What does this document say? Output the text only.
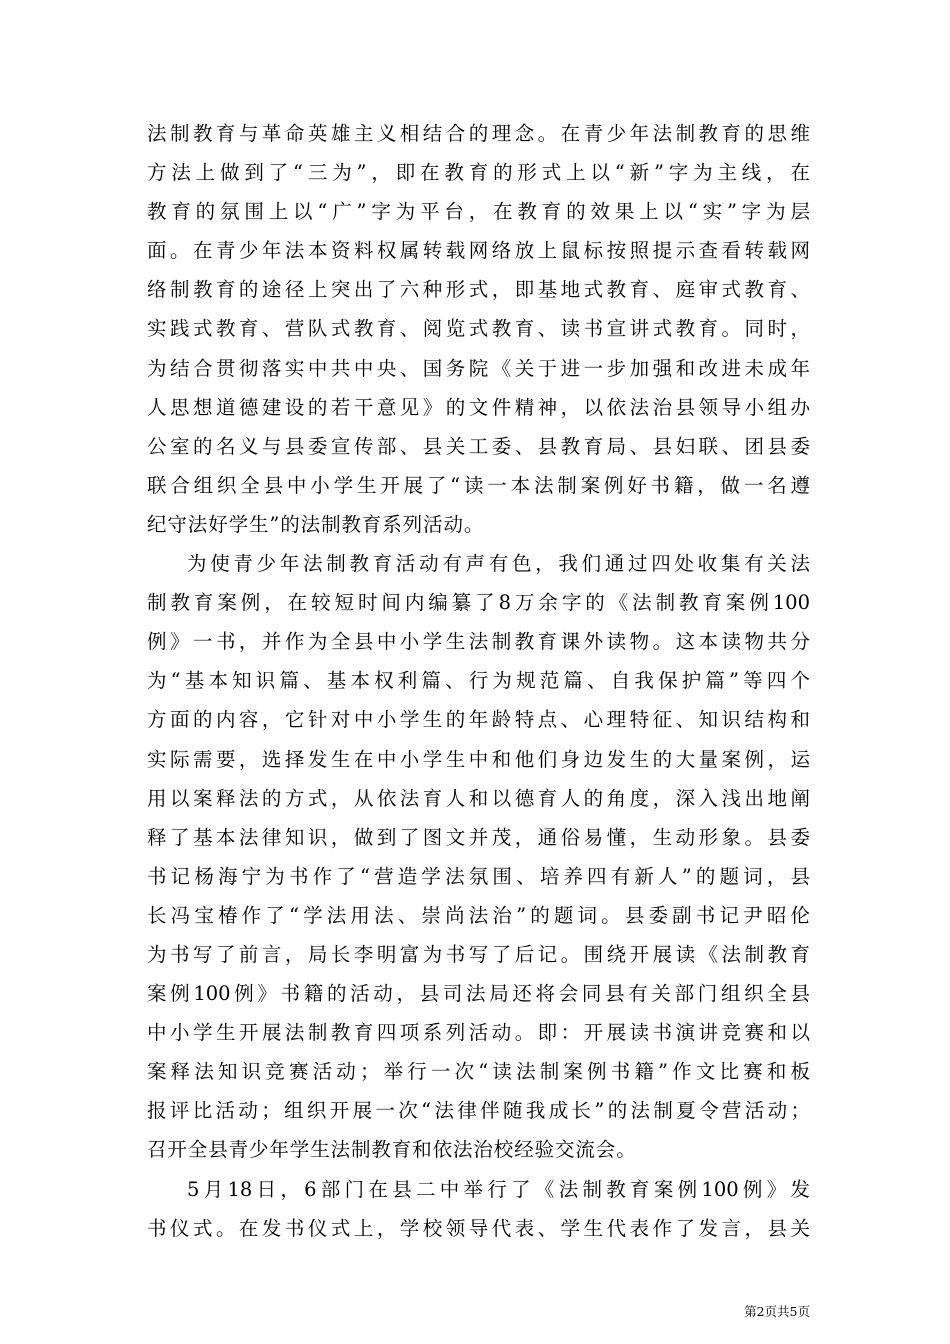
法制教育与革命英雄主义相结合的理念。在青少年法制教育的思维
方法上做到了“三为”，即在教育的形式上以“新”字为主线，在
教育的氛围上以“广”字为平台，在教育的效果上以“实”字为层
面。在青少年法本资料权属转载网络放上鼠标按照提示查看转载网
络制教育的途径上突出了六种形式，即基地式教育、庭审式教育、
实践式教育、营队式教育、阅览式教育、读书宣讲式教育。同时，
为结合贯彻落实中共中央、国务院《关于进一步加强和改进未成年
人思想道德建设的若干意见》的文件精神，以依法治县领导小组办
公室的名义与县委宣传部、县关工委、县教育局、县妇联、团县委
联合组织全县中小学生开展了“读一本法制案例好书籍，做一名遵
纪守法好学生”的法制教育系列活动。
为使青少年法制教育活动有声有色，我们通过四处收集有关法
制教育案例，在较短时间内编纂了8万余字的《法制教育案例100
例》一书，并作为全县中小学生法制教育课外读物。这本读物共分
为“基本知识篇、基本权利篇、行为规范篇、自我保护篇”等四个
方面的内容，它针对中小学生的年龄特点、心理特征、知识结构和
实际需要，选择发生在中小学生中和他们身边发生的大量案例，运
用以案释法的方式，从依法育人和以德育人的角度，深入浅出地阐
释了基本法律知识，做到了图文并茂，通俗易懂，生动形象。县委
书记杨海宁为书作了“营造学法氛围、培养四有新人”的题词，县
长冯宝椿作了“学法用法、崇尚法治”的题词。县委副书记尹昭伦
为书写了前言，局长李明富为书写了后记。围绕开展读《法制教育
案例100例》书籍的活动，县司法局还将会同县有关部门组织全县
中小学生开展法制教育四项系列活动。即：开展读书演讲竞赛和以
案释法知识竞赛活动；举行一次“读法制案例书籍”作文比赛和板
报评比活动；组织开展一次“法律伴随我成长”的法制夏令营活动；
召开全县青少年学生法制教育和依法治校经验交流会。
5月18日，6部门在县二中举行了《法制教育案例100例》发
书仪式。在发书仪式上，学校领导代表、学生代表作了发言，县关
第2页共5页
